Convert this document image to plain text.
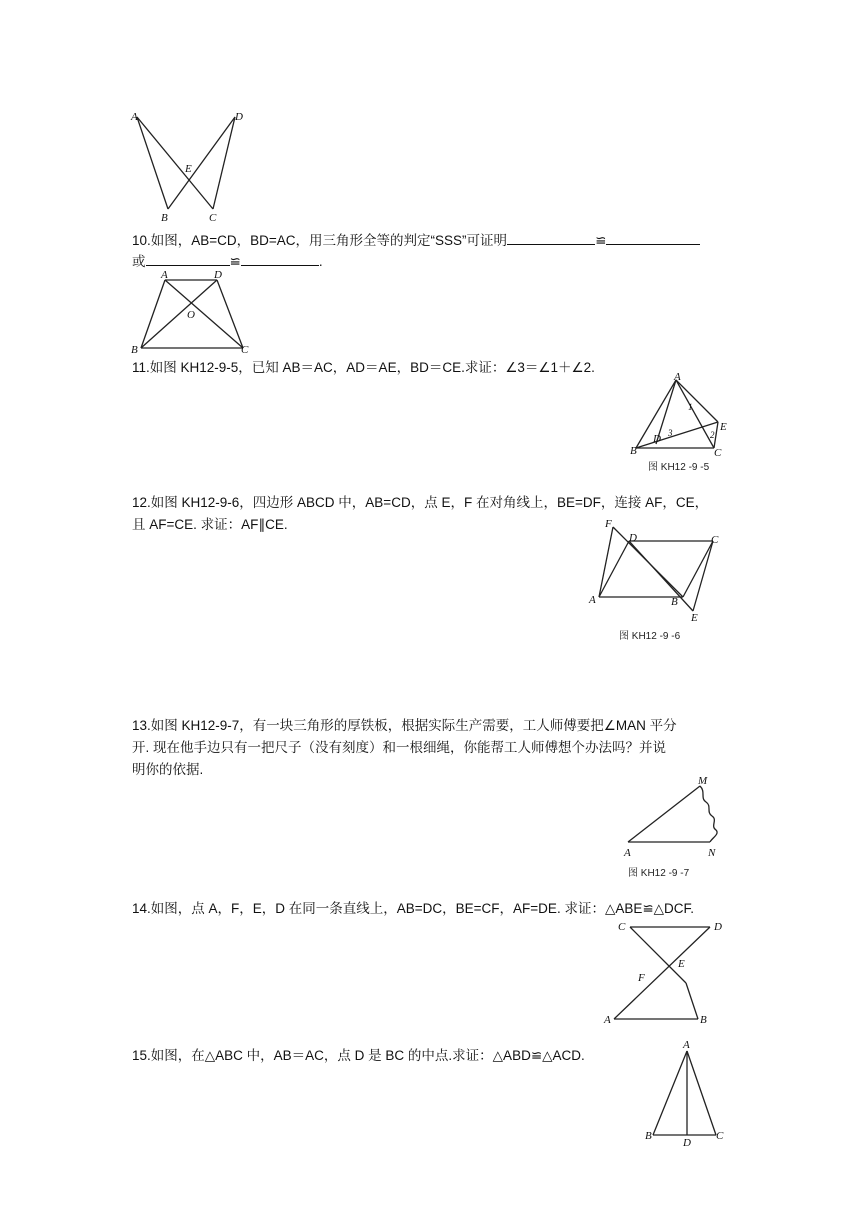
A	D
E
B	C
10.如图，AB=CD，BD=AC，用三角形全等的判定“SSS”可证明	≌
或	≌	.
A	D
O
B	C
11.如图 KH12-9-5，已知 AB＝AC，AD＝AE，BD＝CE.求证：∠3＝∠1＋∠2.
A
B	C
D
E
1
2
3
图 KH12 -9 -5
12.如图 KH12-9-6，四边形 ABCD 中，AB=CD，点 E，F 在对角线上，BE=DF，连接 AF，CE，
且 AF=CE. 求证：AF∥CE.	F
D	C
A	B
E
图 KH12 -9 -6
13.如图 KH12-9-7，有一块三角形的厚铁板，根据实际生产需要，工人师傅要把∠MAN 平分
开. 现在他手边只有一把尺子（没有刻度）和一根细绳，你能帮工人师傅想个办法吗？并说
明你的依据.
M
A	N
图 KH12 -9 -7
14.如图，点 A，F，E，D 在同一条直线上，AB=DC，BE=CF，AF=DE. 求证：△ABE≌△DCF.
C	D
F
E
A	B
15.如图，在△ABC 中，AB＝AC，点 D 是 BC 的中点.求证：△ABD≌△ACD.
A
B
D
C
